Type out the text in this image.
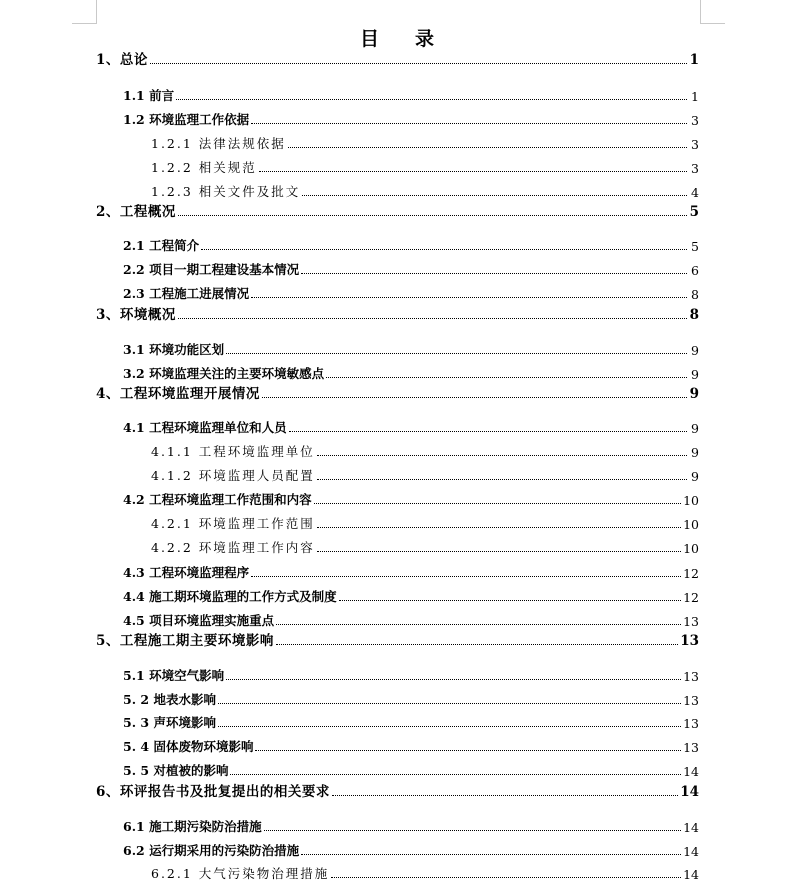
目 录
1、总论	1
1.1 前言	1
1.2 环境监理工作依据	3
1.2.1 法律法规依据	3
1.2.2 相关规范	3
1.2.3 相关文件及批文	4
2、工程概况	5
2.1 工程简介	5
2.2 项目一期工程建设基本情况	6
2.3 工程施工进展情况	8
3、环境概况	8
3.1 环境功能区划	9
3.2 环境监理关注的主要环境敏感点	9
4、工程环境监理开展情况	9
4.1 工程环境监理单位和人员	9
4.1.1 工程环境监理单位	9
4.1.2 环境监理人员配置	9
4.2 工程环境监理工作范围和内容	10
4.2.1 环境监理工作范围	10
4.2.2 环境监理工作内容	10
4.3 工程环境监理程序	12
4.4 施工期环境监理的工作方式及制度	12
4.5 项目环境监理实施重点	13
5、工程施工期主要环境影响	13
5.1 环境空气影响	13
5. 2 地表水影响	13
5. 3 声环境影响	13
5. 4 固体废物环境影响	13
5. 5 对植被的影响	14
6、环评报告书及批复提出的相关要求	14
6.1 施工期污染防治措施	14
6.2 运行期采用的污染防治措施	14
6.2.1 大气污染物治理措施	14
